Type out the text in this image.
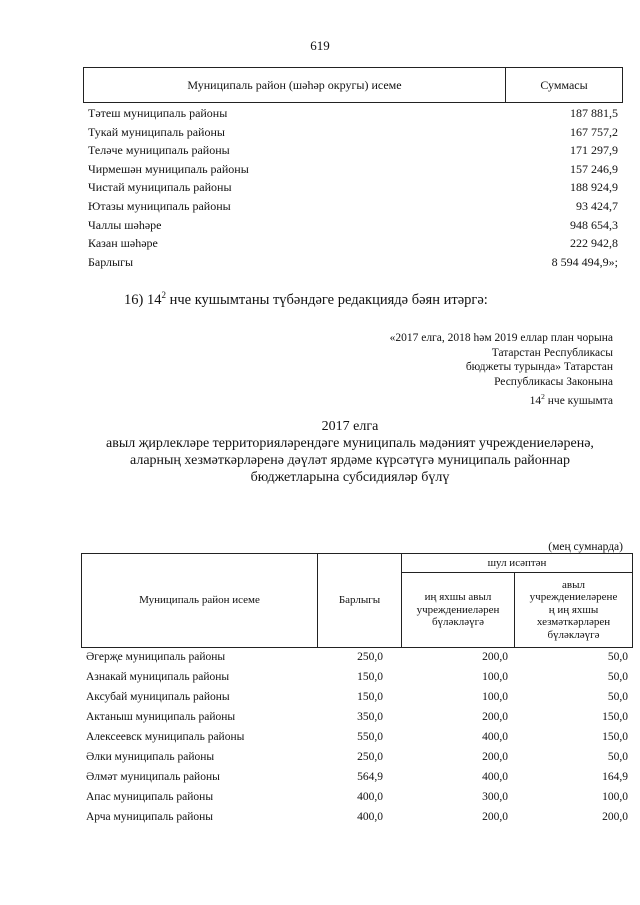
619
Муниципаль район (шәһәр округы) исеме	Суммасы
Тәтеш муниципаль районы	187 881,5
Тукай муниципаль районы	167 757,2
Теләче муниципаль районы	171 297,9
Чирмешән муниципаль районы	157 246,9
Чистай муниципаль районы	188 924,9
Ютазы муниципаль районы	93 424,7
Чаллы шәһәре	948 654,3
Казан шәһәре	222 942,8
Барлыгы	8 594 494,9»;
16) $14^2$ нче кушымтаны түбәндәге редакциядә бәян итәргә:
«2017 елга, 2018 һәм 2019 еллар план чорына
Татарстан Республикасы
бюджеты турында» Татарстан
Республикасы Законына
$14^2$ нче кушымта
2017 елга
авыл җирлекләре территорияләрендәге муниципаль мәдәният учреждениеләренә,
аларның хезмәткәрләренә дәүләт ярдәме күрсәтүгә муниципаль районнар
бюджетларына субсидияләр бүлү
(мең сумнарда)
Муниципаль район исеме	Барлыгы
шул исәптән
иң яхшы авыл
учреждениеләрен
бүләкләүгә
авыл
учреждениеләрене
ң иң яхшы
хезмәткәрләрен
бүләкләүгә
Әгерҗе муниципаль районы	250,0	200,0	50,0
Азнакай муниципаль районы	150,0	100,0	50,0
Аксубай муниципаль районы	150,0	100,0	50,0
Актаныш муниципаль районы	350,0	200,0	150,0
Алексеевск муниципаль районы	550,0	400,0	150,0
Әлки муниципаль районы	250,0	200,0	50,0
Әлмәт муниципаль районы	564,9	400,0	164,9
Апас муниципаль районы	400,0	300,0	100,0
Арча муниципаль районы	400,0	200,0	200,0
